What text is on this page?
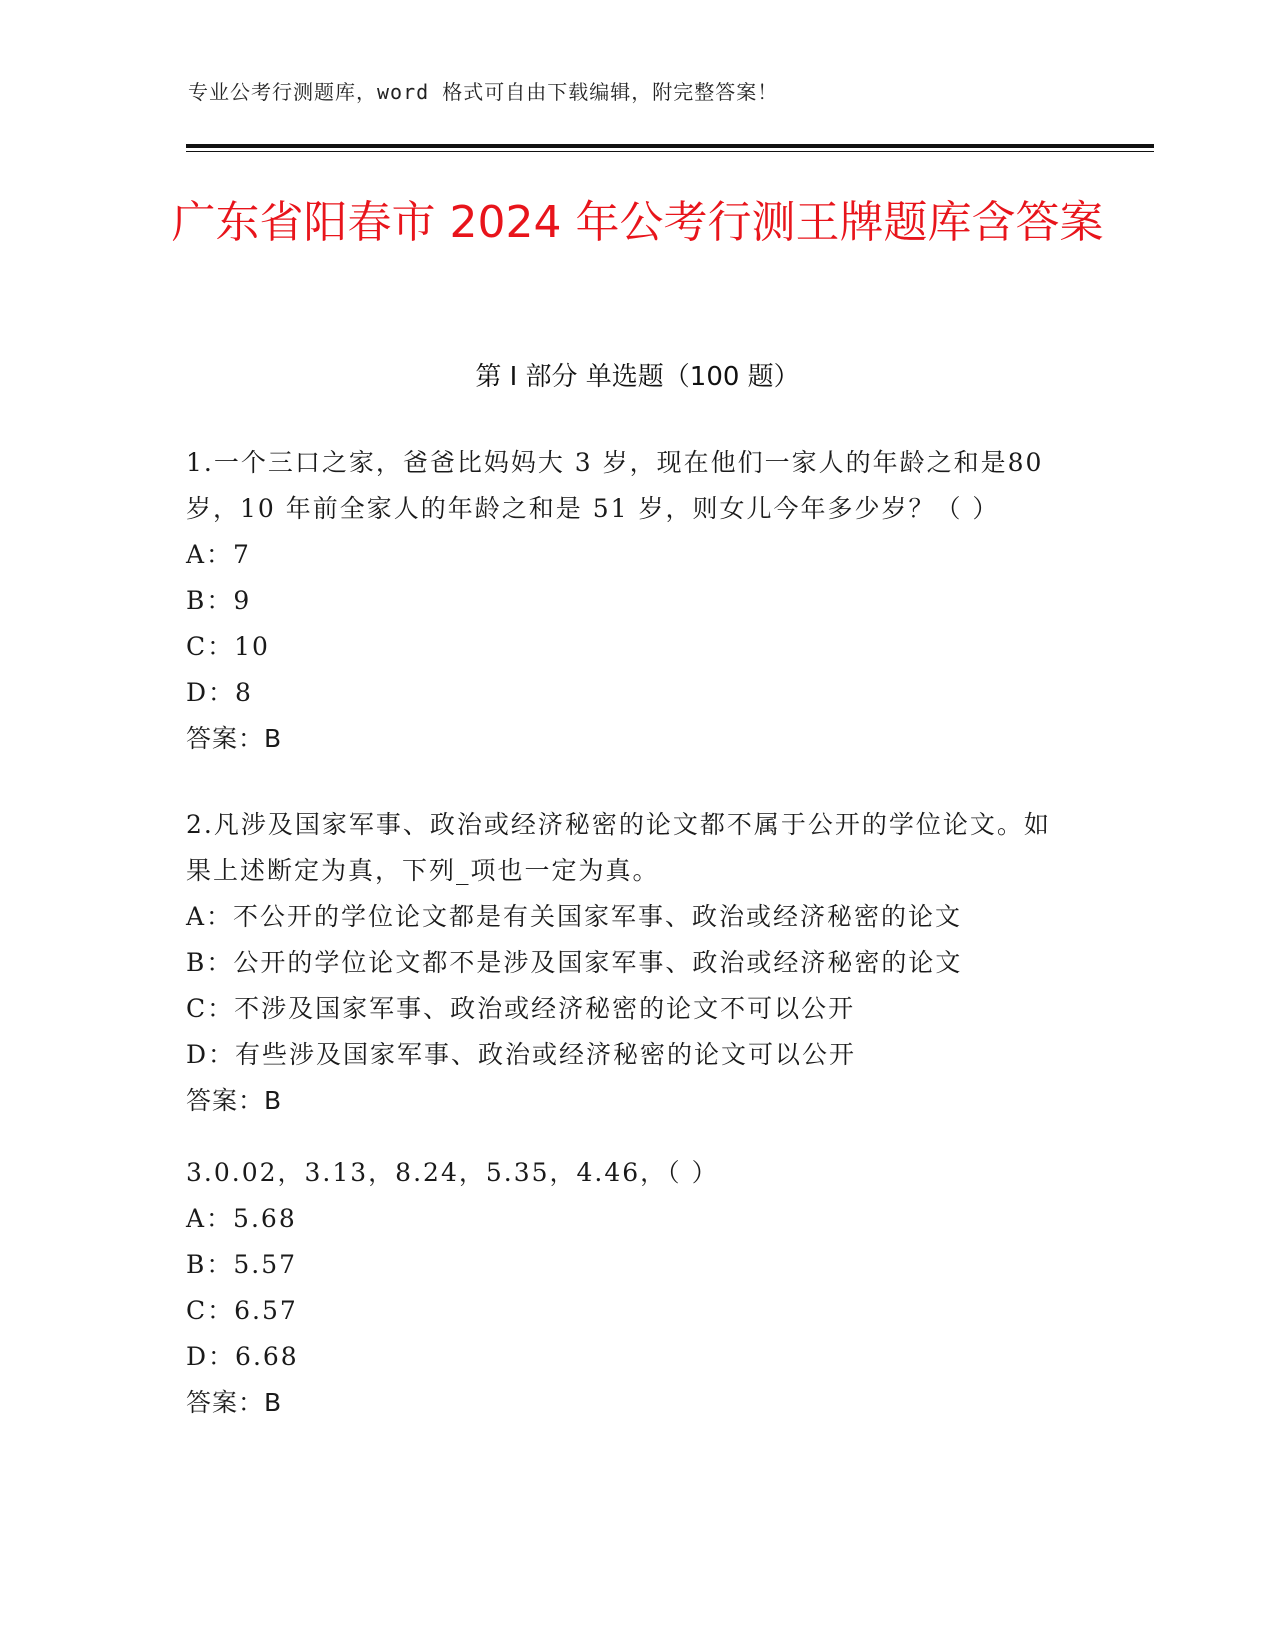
专业公考行测题库，word 格式可自由下载编辑，附完整答案！
广东省阳春市 2024 年公考行测王牌题库含答案
第 I 部分 单选题（100 题）
1.一个三口之家，爸爸比妈妈大 3 岁，现在他们一家人的年龄之和是80 岁，10 年前全家人的年龄之和是 51 岁，则女儿今年多少岁？（ ）
A：7
B：9
C：10
D：8
答案：B
2.凡涉及国家军事、政治或经济秘密的论文都不属于公开的学位论文。如果上述断定为真，下列_项也一定为真。
A：不公开的学位论文都是有关国家军事、政治或经济秘密的论文
B：公开的学位论文都不是涉及国家军事、政治或经济秘密的论文
C：不涉及国家军事、政治或经济秘密的论文不可以公开
D：有些涉及国家军事、政治或经济秘密的论文可以公开
答案：B
3.0.02，3.13，8.24，5.35，4.46，（ ）
A：5.68
B：5.57
C：6.57
D：6.68
答案：B
